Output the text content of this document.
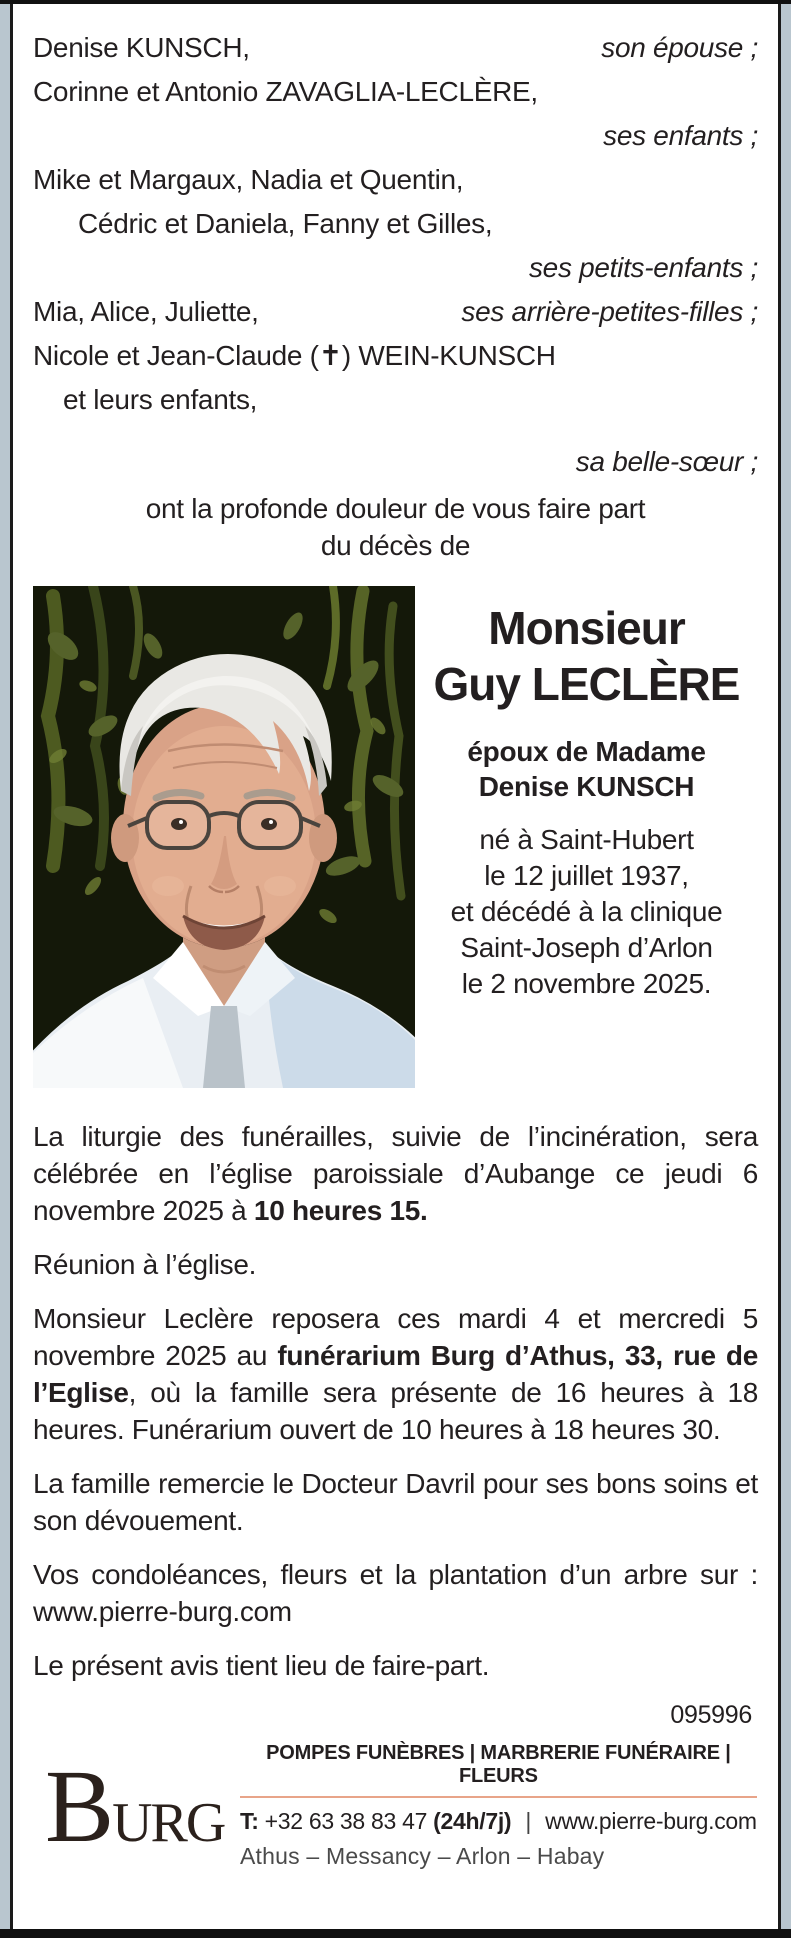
Denise KUNSCH,	son épouse ;
Corinne et Antonio ZAVAGLIA-LECLÈRE,
ses enfants ;
Mike et Margaux, Nadia et Quentin,
Cédric et Daniela, Fanny et Gilles,
ses petits-enfants ;
Mia, Alice, Juliette,	ses arrière-petites-filles ;
Nicole et Jean-Claude (✝) WEIN-KUNSCH
et leurs enfants,
sa belle-sœur ;
ont la profonde douleur de vous faire part
du décès de
Monsieur
Guy LECLÈRE
époux de Madame
Denise KUNSCH
né à Saint-Hubert
le 12 juillet 1937,
et décédé à la clinique
Saint-Joseph d’Arlon
le 2 novembre 2025.

La liturgie des funérailles, suivie de l’incinération, sera célébrée en l’église paroissiale d’Aubange ce jeudi 6 novembre 2025 à 10 heures 15.

Réunion à l’église.

Monsieur Leclère reposera ces mardi 4 et mercredi 5 novembre 2025 au funérarium Burg d’Athus, 33, rue de l’Eglise, où la famille sera présente de 16 heures à 18 heures. Funérarium ouvert de 10 heures à 18 heures 30.

La famille remercie le Docteur Davril pour ses bons soins et son dévouement.

Vos condoléances, fleurs et la plantation d’un arbre sur : www.pierre-burg.com

Le présent avis tient lieu de faire-part.

095996
BURG
POMPES FUNÈBRES | MARBRERIE FUNÉRAIRE | FLEURS
T: +32 63 38 83 47 (24h/7j) | www.pierre-burg.com
Athus – Messancy – Arlon – Habay
